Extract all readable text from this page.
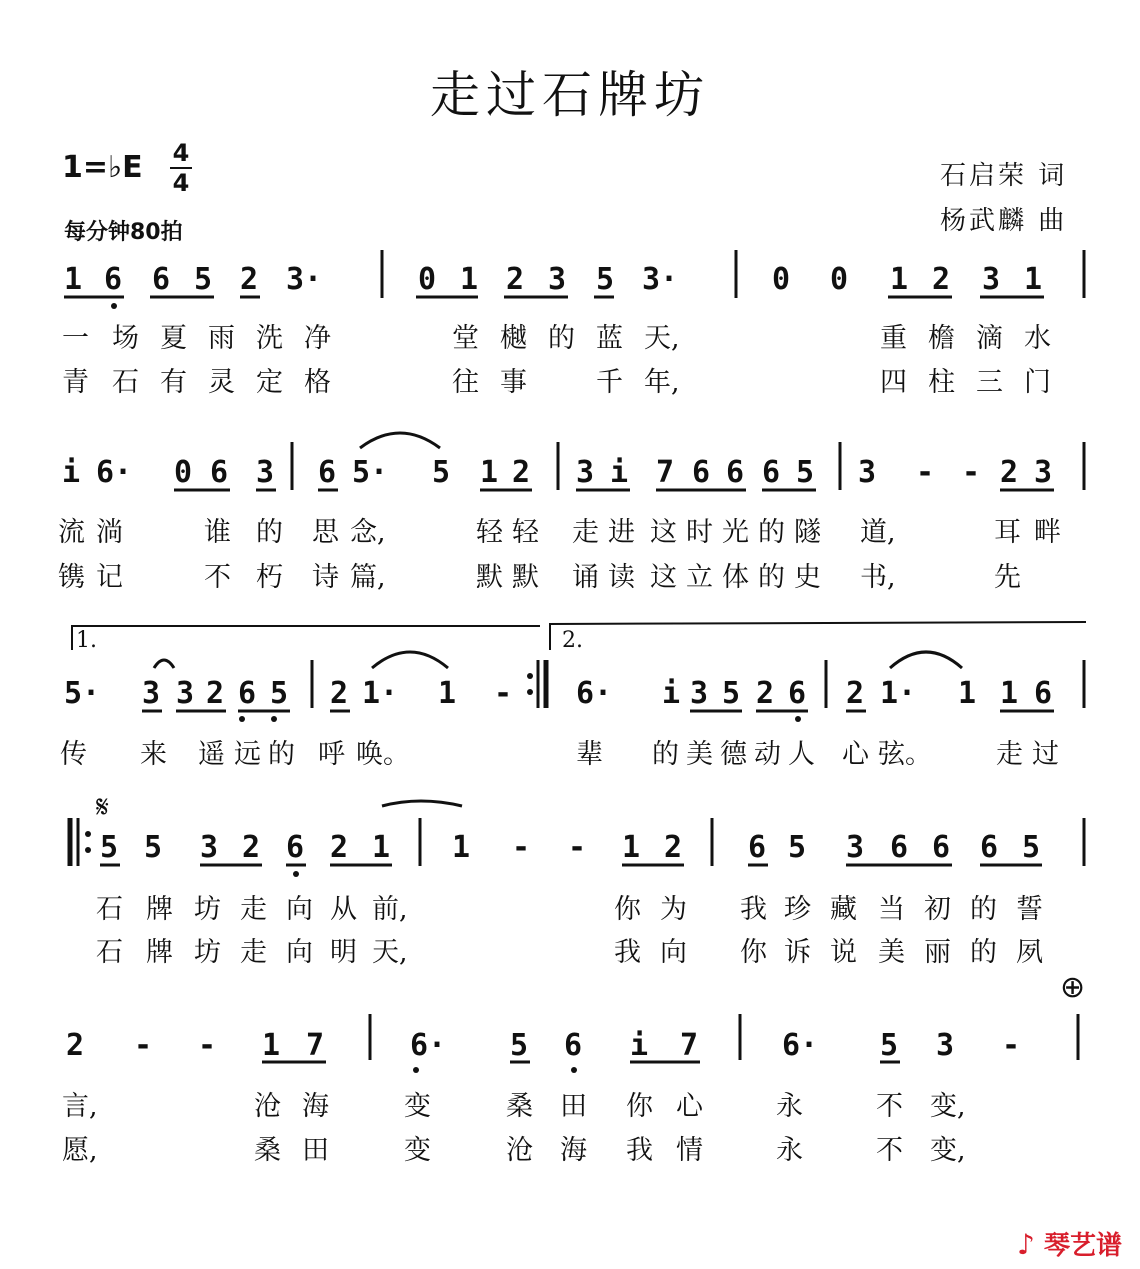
走过石牌坊
1=♭E 4
4
每分钟80拍
石启荣 词
杨武麟 曲
1 6 6 5 2 3·	0 1 2 3 5 3·	0 0 1 2 3 1
一 场 夏 雨 洗 净	堂 樾 的 蓝 天,	重 檐 滴 水
青 石 有 灵 定 格	往 事	千 年,	四 柱 三 门
i 6· 0 6 3 6 5· 5 1 2 3 i 7 6 6 6 5 3 - - 2 3
流 淌	谁 的 思 念,	轻 轻 走 进 这 时 光 的 隧 道,	耳 畔
镌 记	不 朽 诗 篇,	默 默 诵 读 这 立 体 的 史 书,	先
1.	2.
5· 3 3 2 6 5 2 1· 1 - 6· i 3 5 2 6 2 1· 1 1 6
传 来 遥 远 的 呼 唤。	辈 的 美 德 动 人 心 弦。 走 过
𝄋
5 5 3 2 6 2 1 1 - - 1 2 6 5 3 6 6 6 5
石 牌 坊 走 向 从 前,	你 为 我 珍 藏 当 初 的 誓
石 牌 坊 走 向 明 天,	我 向 你 诉 说 美 丽 的 夙
⊕
2 - - 1 7	6· 5 6 i 7	6· 5 3 -
言,	沧 海	变	桑 田 你 心	永	不 变,
愿,	桑 田	变	沧 海 我 情	永	不 变,
♪ 琴艺谱
